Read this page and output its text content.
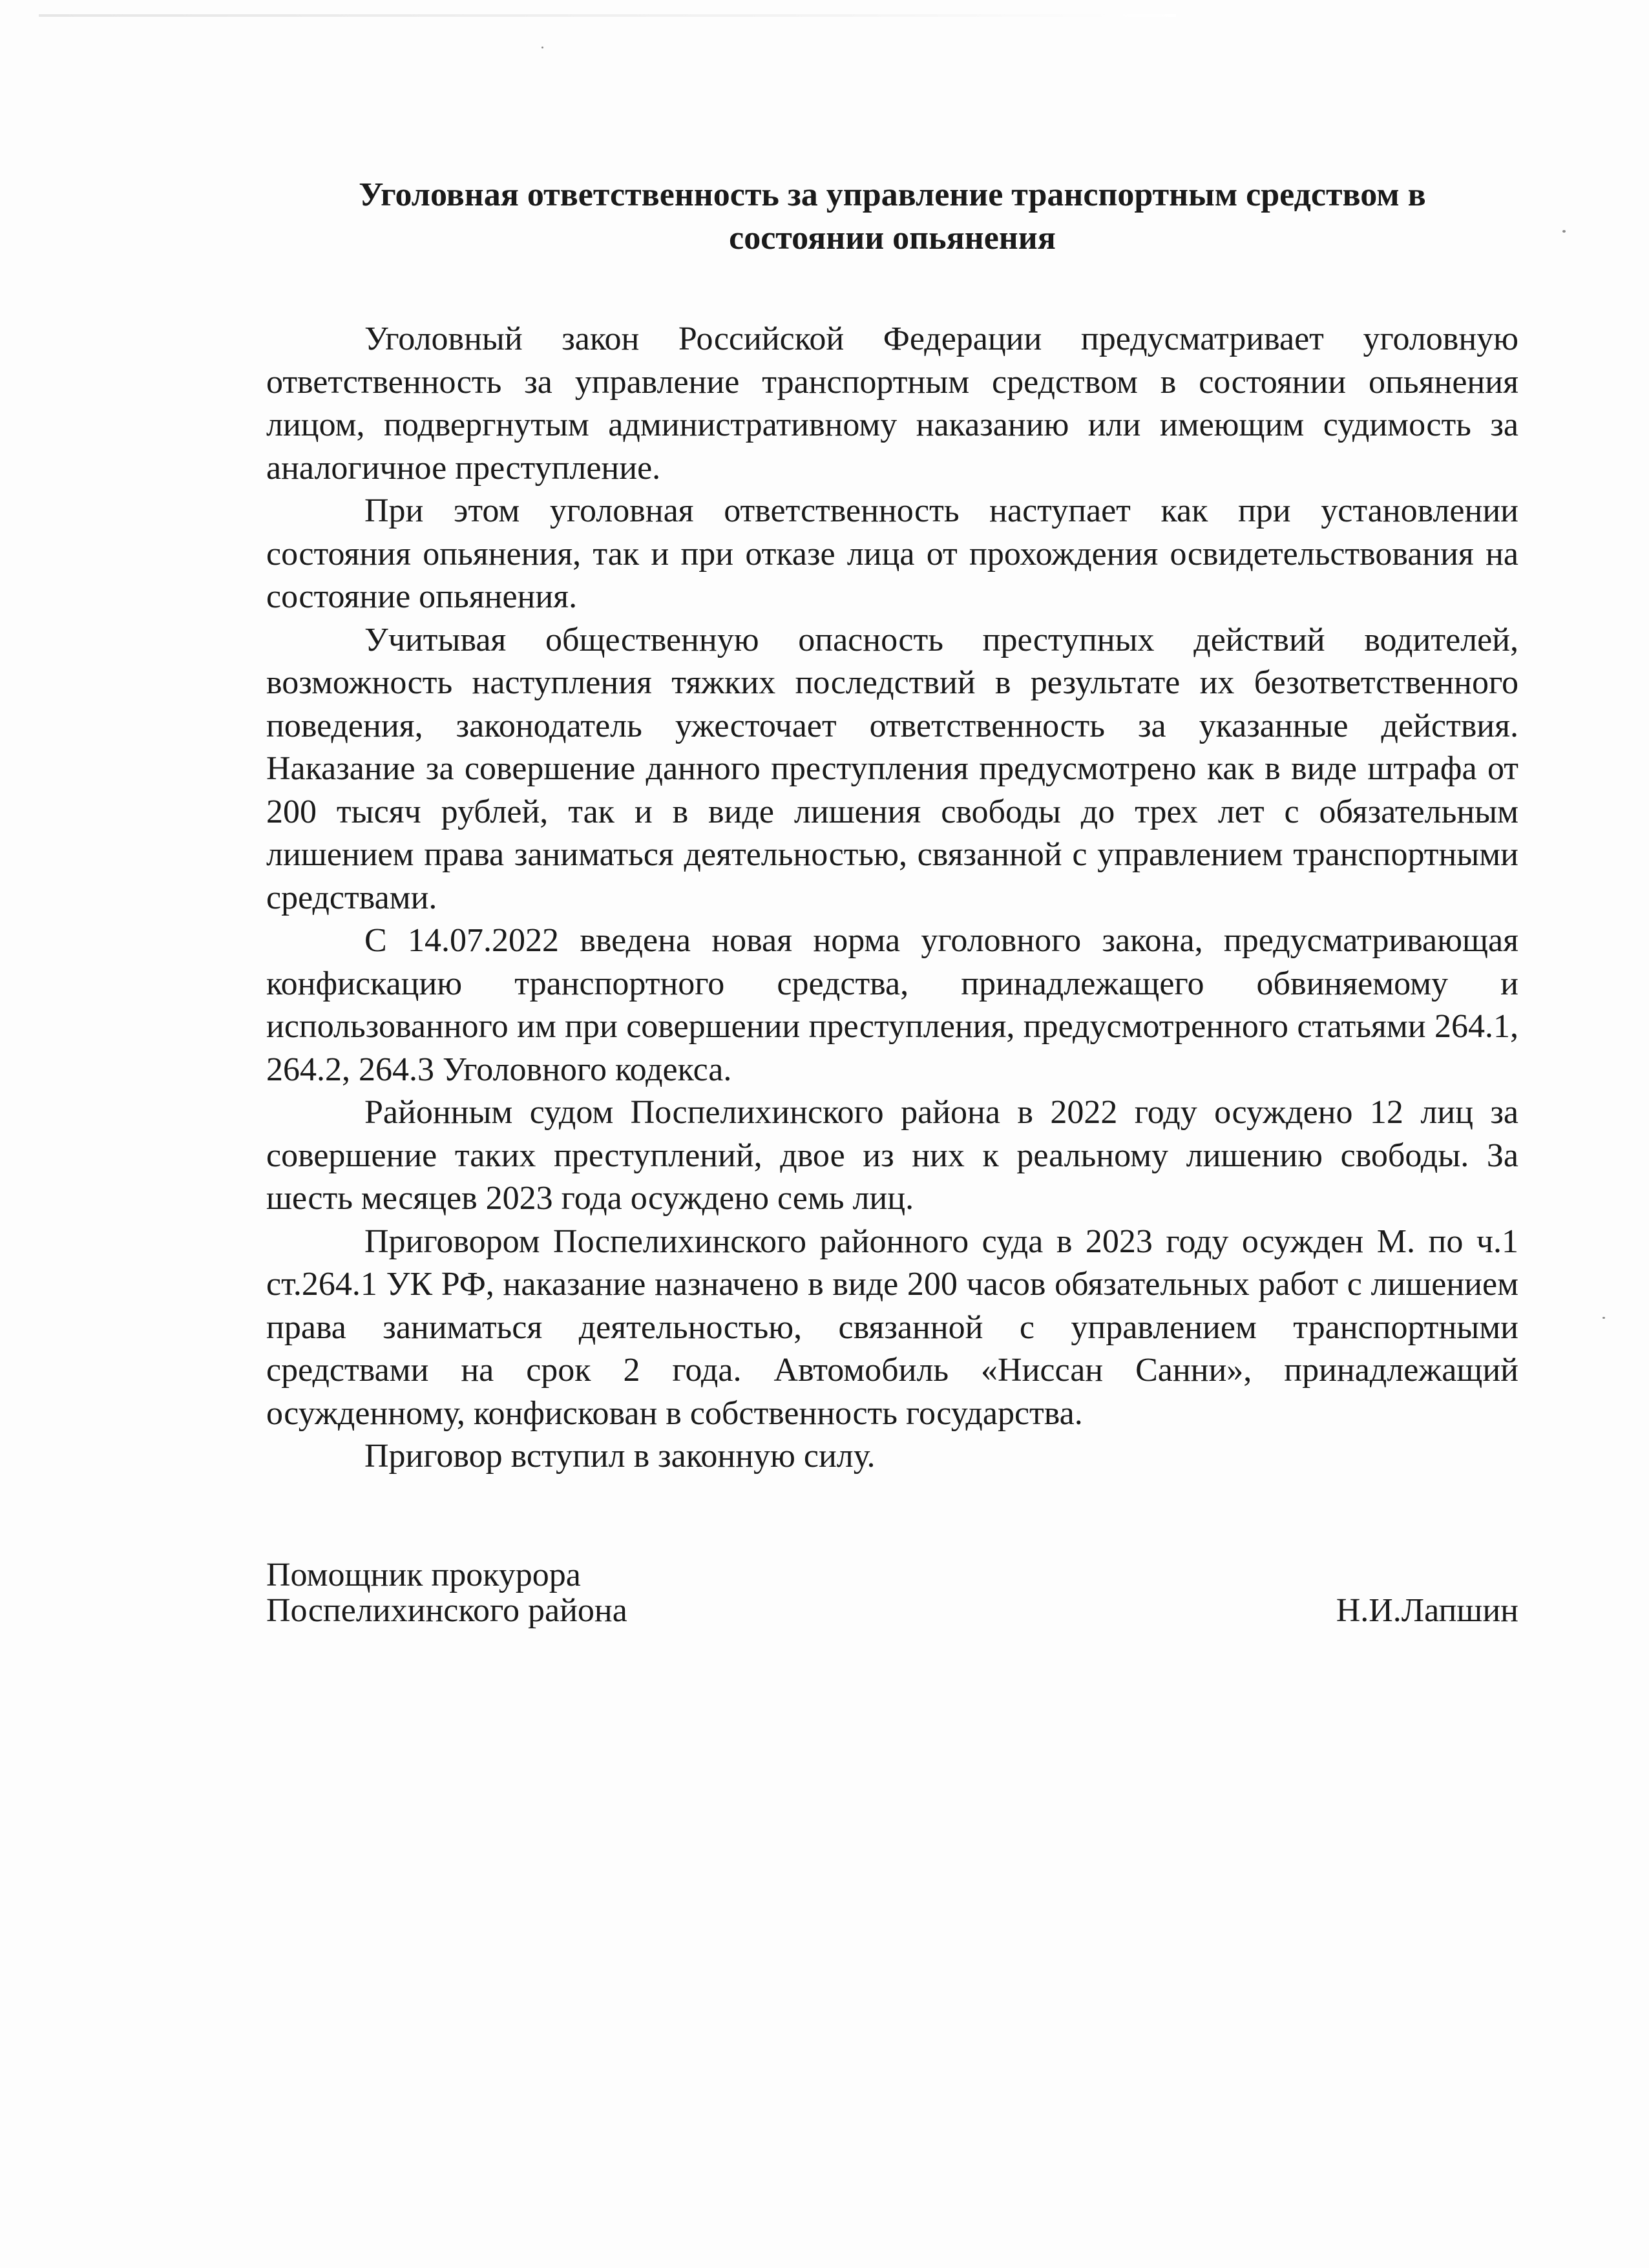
Уголовная ответственность за управление транспортным средством в состоянии опьянения

Уголовный закон Российской Федерации предусматривает уголовную ответственность за управление транспортным средством в состоянии опьянения лицом, подвергнутым административному наказанию или имеющим судимость за аналогичное преступление.

При этом уголовная ответственность наступает как при установлении состояния опьянения, так и при отказе лица от прохождения освидетельствования на состояние опьянения.

Учитывая общественную опасность преступных действий водителей, возможность наступления тяжких последствий в результате их безответственного поведения, законодатель ужесточает ответственность за указанные действия. Наказание за совершение данного преступления предусмотрено как в виде штрафа от 200 тысяч рублей, так и в виде лишения свободы до трех лет с обязательным лишением права заниматься деятельностью, связанной с управлением транспортными средствами.

С 14.07.2022 введена новая норма уголовного закона, предусматривающая конфискацию транспортного средства, принадлежащего обвиняемому и использованного им при совершении преступления, предусмотренного статьями 264.1, 264.2, 264.3 Уголовного кодекса.

Районным судом Поспелихинского района в 2022 году осуждено 12 лиц за совершение таких преступлений, двое из них к реальному лишению свободы. За шесть месяцев 2023 года осуждено семь лиц.

Приговором Поспелихинского районного суда в 2023 году осужден М. по ч.1 ст.264.1 УК РФ, наказание назначено в виде 200 часов обязательных работ с лишением права заниматься деятельностью, связанной с управлением транспортными средствами на срок 2 года. Автомобиль «Ниссан Санни», принадлежащий осужденному, конфискован в собственность государства.

Приговор вступил в законную силу.

Помощник прокурора
Поспелихинского района	Н.И.Лапшин
